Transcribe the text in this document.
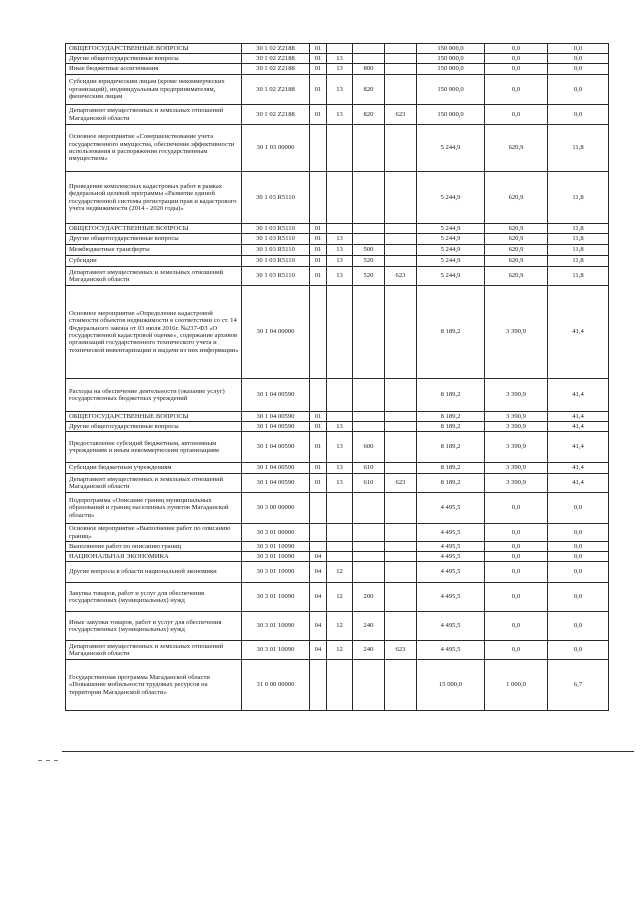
ОБЩЕГОСУДАРСТВЕННЫЕ ВОПРОСЫ	30 1 02 Z2188	01				150 000,0	0,0	0,0
Другие общегосударственные вопросы	30 1 02 Z2188	01	13			150 000,0	0,0	0,0
Иные бюджетные ассигнования	30 1 02 Z2188	01	13	800		150 000,0	0,0	0,0
Субсидии юридическим лицам (кроме некоммерческих организаций), индивидуальным предпринимателям, физическим лицам	30 1 02 Z2188	01	13	820		150 000,0	0,0	0,0
Департамент имущественных и земельных отношений Магаданской области	30 1 02 Z2188	01	13	820	623	150 000,0	0,0	0,0
Основное мероприятие «Совершенствование учета государственного имущества, обеспечение эффективности использования и распоряжения государственным имуществом»	30 1 03 00000					5 244,9	620,9	11,8
Проведение комплексных кадастровых работ в рамках федеральной целевой программы «Развитие единой государственной системы регистрации прав и кадастрового учета недвижимости (2014 - 2020 годы)»	30 1 03 R5110					5 244,9	620,9	11,8
ОБЩЕГОСУДАРСТВЕННЫЕ ВОПРОСЫ	30 1 03 R5110	01				5 244,9	620,9	11,8
Другие общегосударственные вопросы	30 1 03 R5110	01	13			5 244,9	620,9	11,8
Межбюджетные трансферты	30 1 03 R5110	01	13	500		5 244,9	620,9	11,8
Субсидии	30 1 03 R5110	01	13	520		5 244,9	620,9	11,8
Департамент имущественных и земельных отношений Магаданской области	30 1 03 R5110	01	13	520	623	5 244,9	620,9	11,8
Основное мероприятие «Определение кадастровой стоимости объектов недвижимости в соответствии со ст. 14 Федерального закона от 03 июля 2016г. №237-ФЗ «О государственной кадастровой оценке», содержание архивов организаций государственного технического учета и технической инвентаризации и выдачи из них информации»	30 1 04 00000					8 189,2	3 390,9	41,4
Расходы на обеспечение деятельности (оказание услуг) государственных бюджетных учреждений	30 1 04 00590					8 189,2	3 390,9	41,4
ОБЩЕГОСУДАРСТВЕННЫЕ ВОПРОСЫ	30 1 04 00590	01				8 189,2	3 390,9	41,4
Другие общегосударственные вопросы	30 1 04 00590	01	13			8 189,2	3 390,9	41,4
Предоставление субсидий бюджетным, автономным учреждениям и иным некоммерческим организациям	30 1 04 00590	01	13	600		8 189,2	3 390,9	41,4
Субсидии бюджетным учреждениям	30 1 04 00590	01	13	610		8 189,2	3 390,9	41,4
Департамент имущественных и земельных отношений Магаданской области	30 1 04 00590	01	13	610	623	8 189,2	3 390,9	41,4
Подпрограмма «Описание границ муниципальных образований и границ населенных пунктов Магаданской области»	30 3 00 00000					4 495,5	0,0	0,0
Основное мероприятие «Выполнение работ по описанию границ»	30 3 01 00000					4 495,5	0,0	0,0
Выполнение работ по описанию границ	30 3 01 10090					4 495,5	0,0	0,0
НАЦИОНАЛЬНАЯ ЭКОНОМИКА	30 3 01 10090	04				4 495,5	0,0	0,0
Другие вопросы в области национальной экономики	30 3 01 10090	04	12			4 495,5	0,0	0,0
Закупка товаров, работ и услуг для обеспечения государственных (муниципальных) нужд	30 3 01 10090	04	12	200		4 495,5	0,0	0,0
Иные закупки товаров, работ и услуг для обеспечения государственных (муниципальных) нужд	30 3 01 10090	04	12	240		4 495,5	0,0	0,0
Департамент имущественных и земельных отношений Магаданской области	30 3 01 10090	04	12	240	623	4 495,5	0,0	0,0
Государственная программа Магаданской области «Повышение мобильности трудовых ресурсов на территории Магаданской области»	31 0 00 00000					15 000,0	1 000,0	6,7
